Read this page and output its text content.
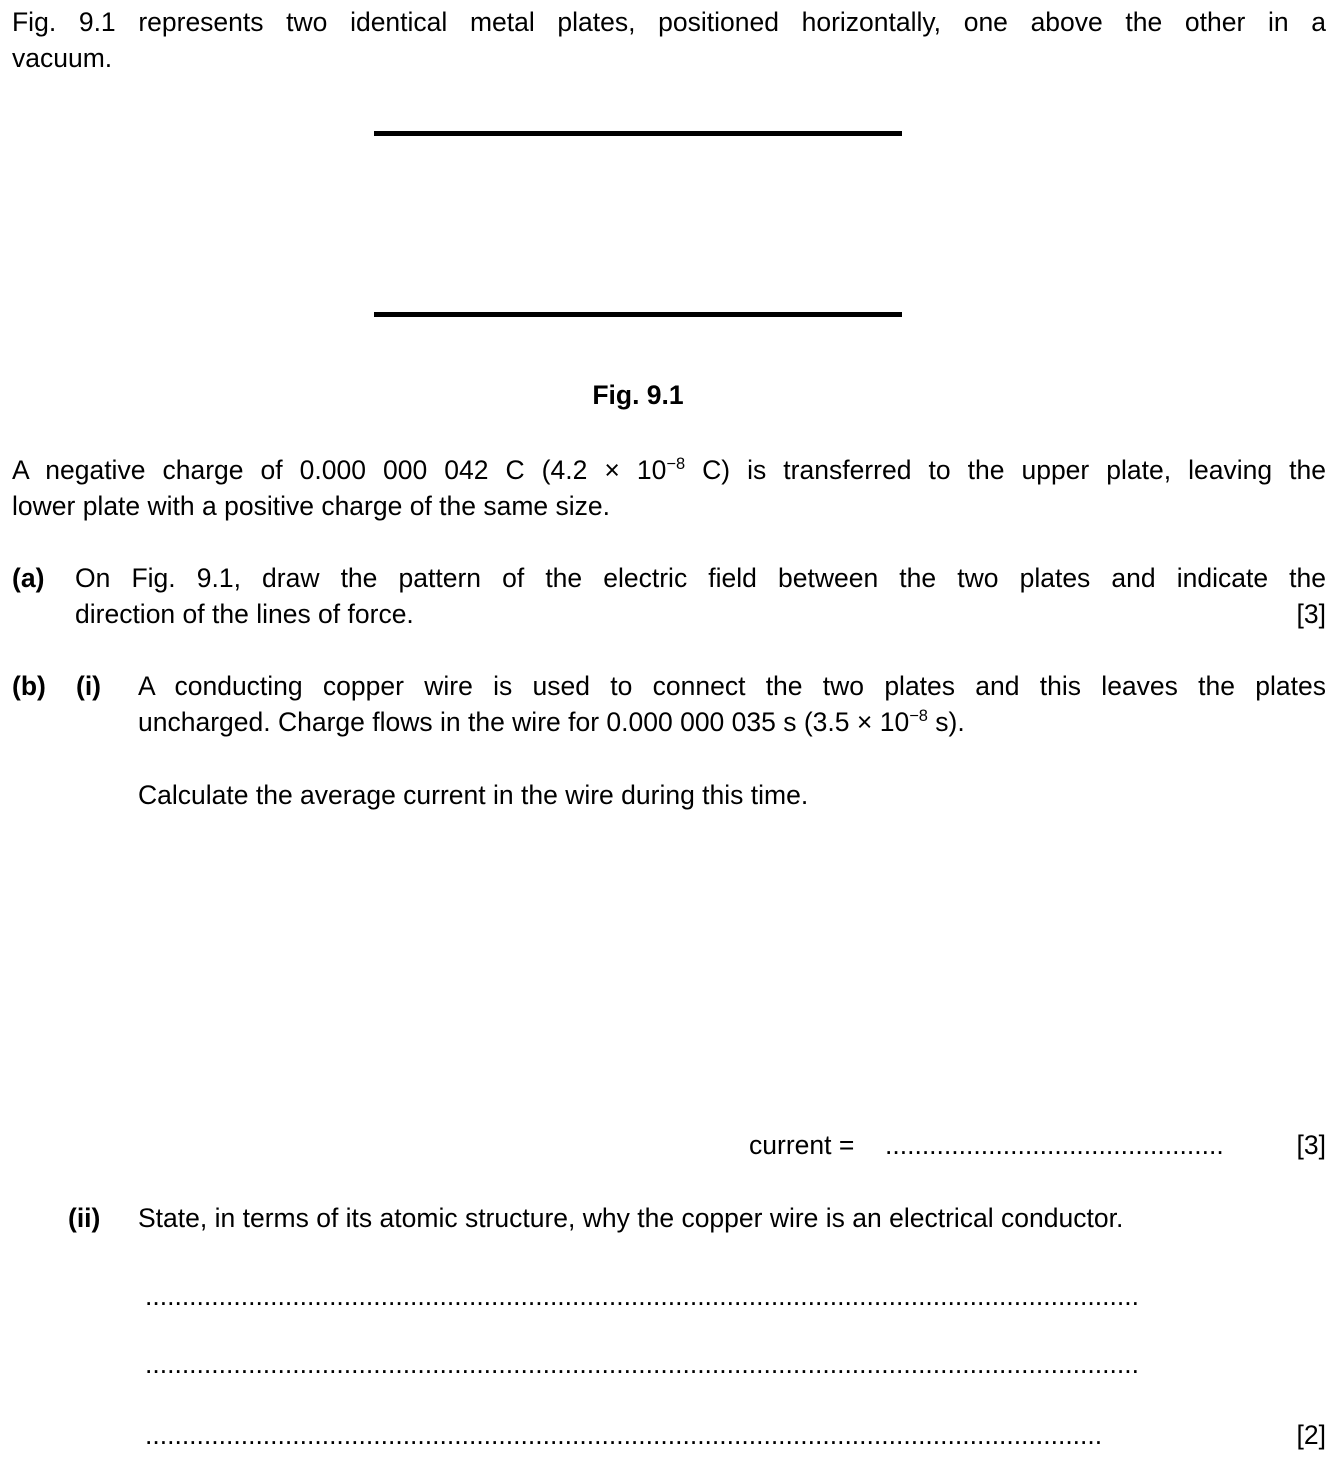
Fig. 9.1 represents two identical metal plates, positioned horizontally, one above the other in a
vacuum.
Fig. 9.1
A negative charge of 0.000 000 042 C ($4.2 \times 10^{-8}$ C) is transferred to the upper plate, leaving the
lower plate with a positive charge of the same size.
(a) On Fig. 9.1, draw the pattern of the electric field between the two plates and indicate the
direction of the lines of force.	[3]
(b) (i) A conducting copper wire is used to connect the two plates and this leaves the plates
uncharged. Charge flows in the wire for 0.000 000 035 s ($3.5 \times 10^{-8}$ s).
Calculate the average current in the wire during this time.
current = ..............................................	[3]
(ii) State, in terms of its atomic structure, why the copper wire is an electrical conductor.
.......................................................................................................................................
.......................................................................................................................................
..................................................................................................................................	[2]
